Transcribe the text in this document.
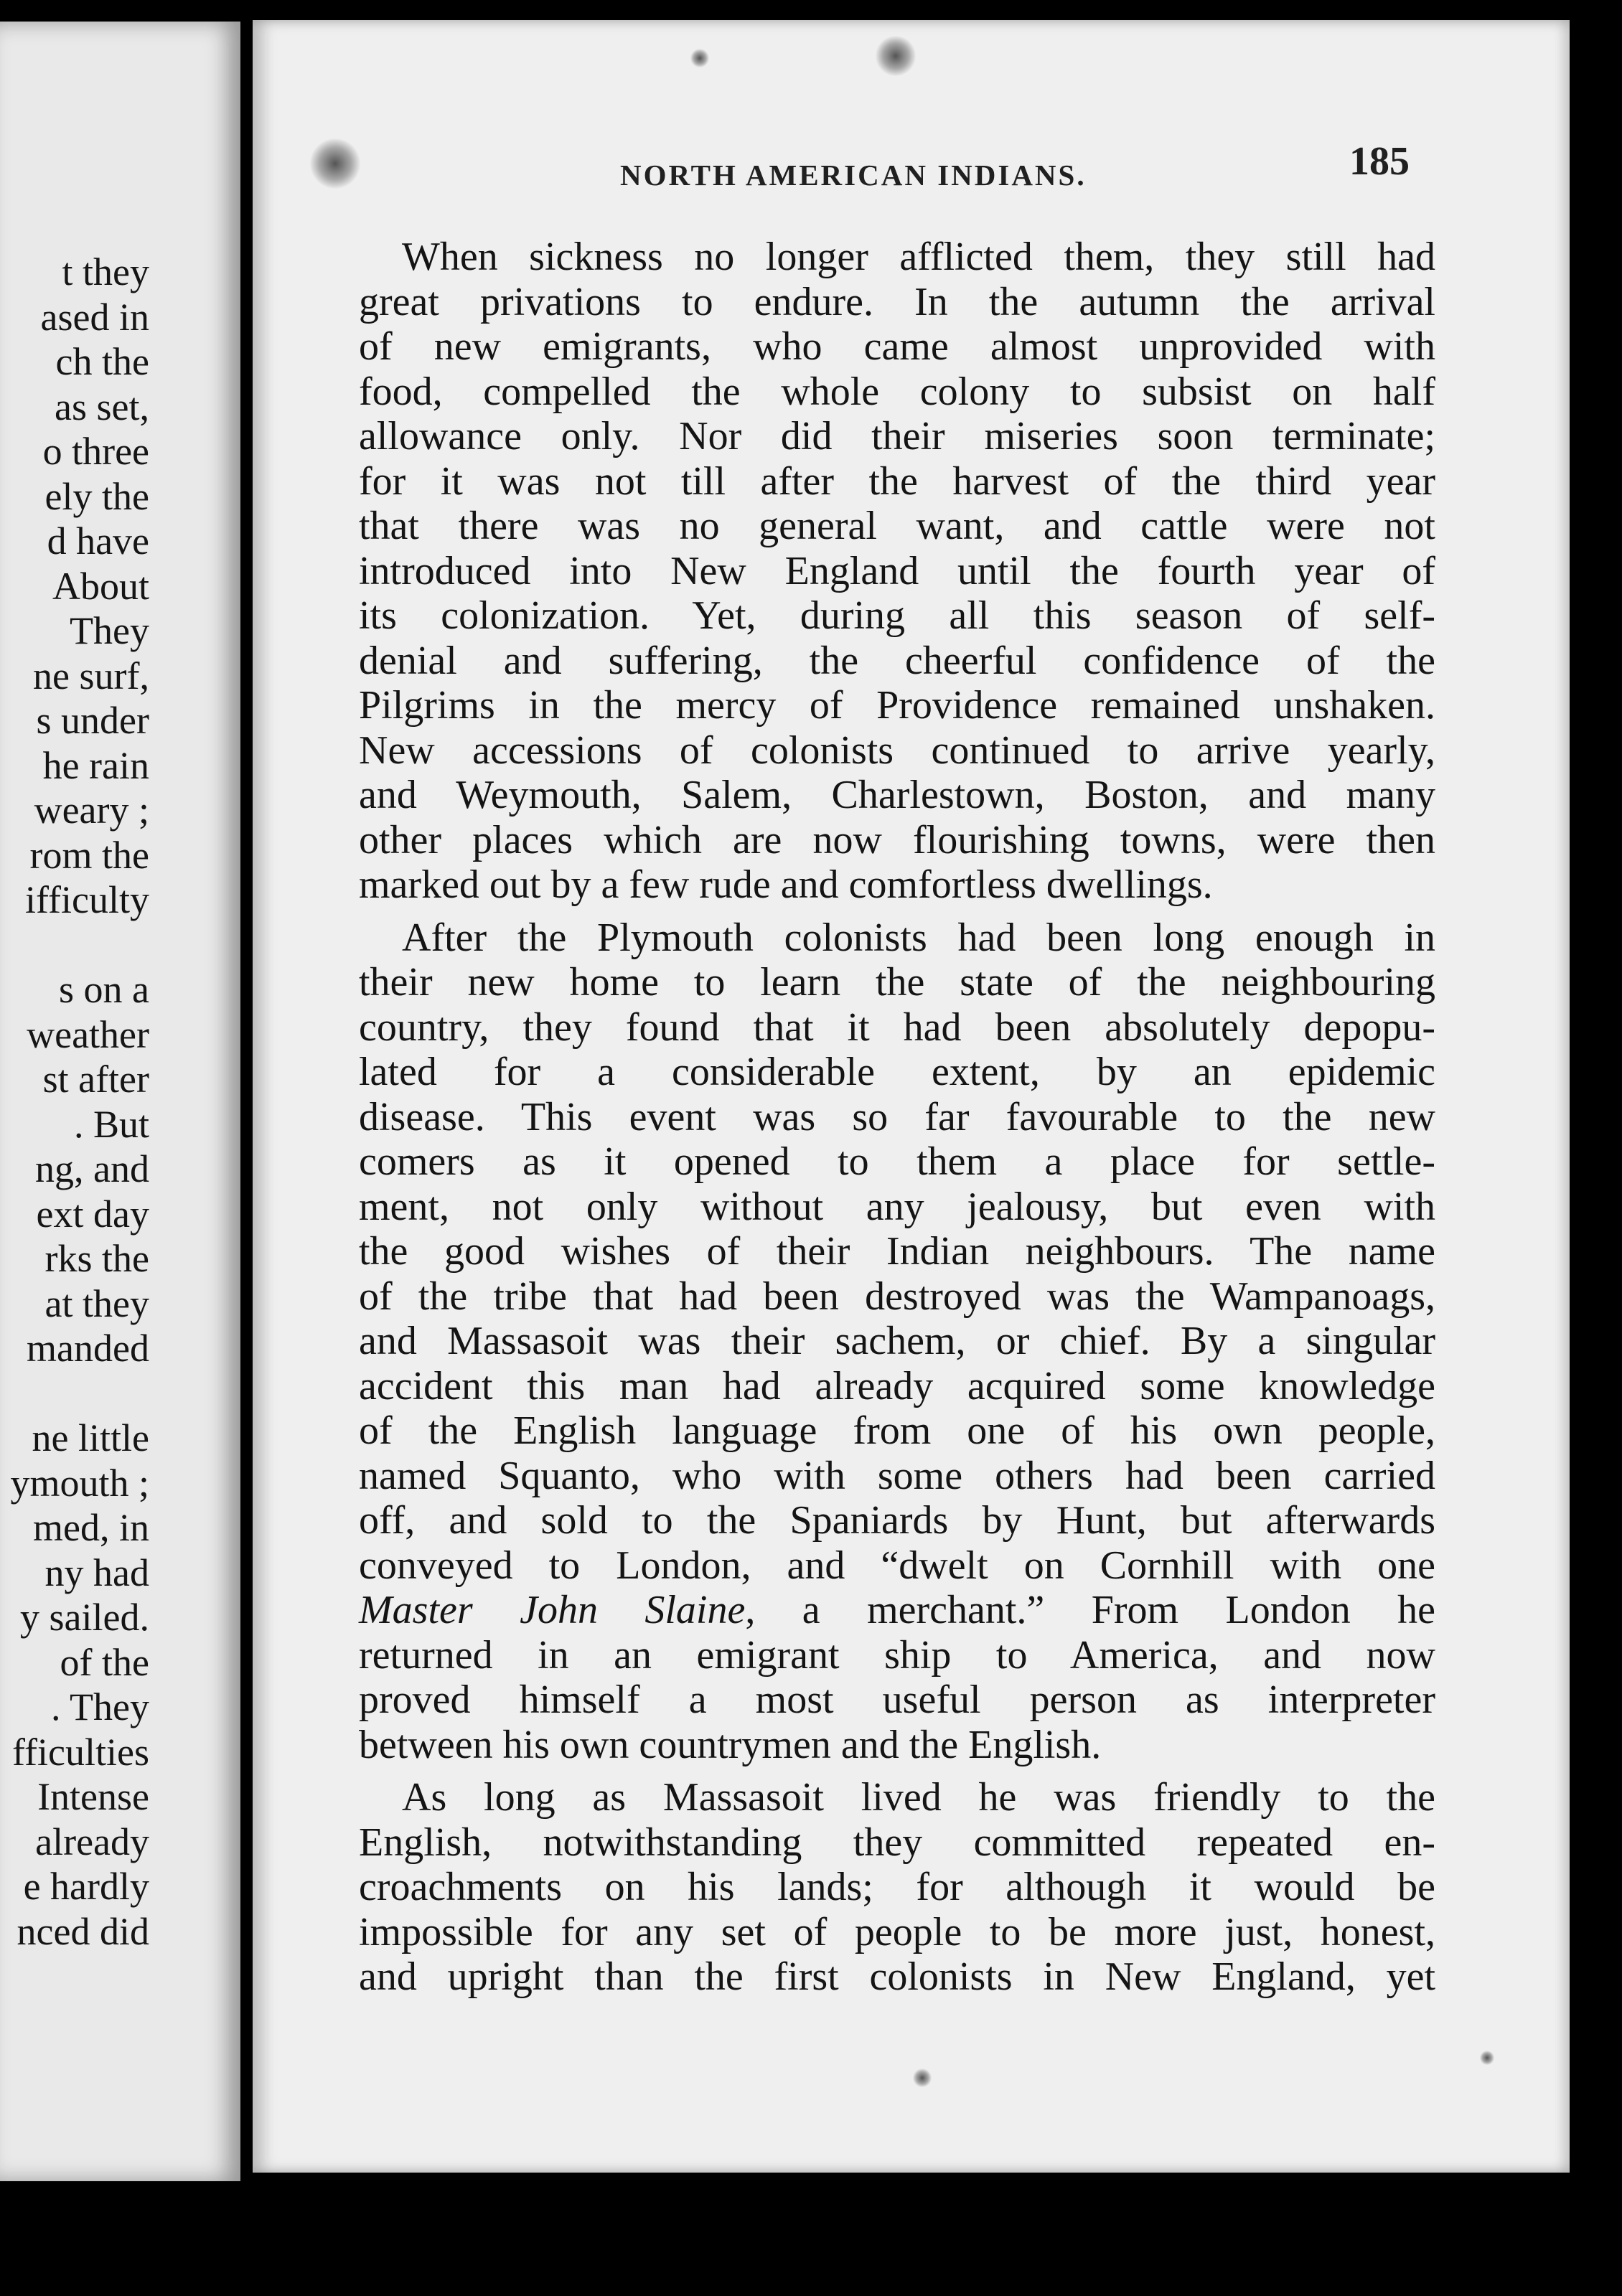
t they
ased in
ch the
as set,
o three
ely the
d have
About
They
ne surf,
s under
he rain
weary ;
rom the
ifficulty
s on a
weather
st after
. But
ng, and
ext day
rks the
at they
manded
ne little
ymouth ;
med, in
ny had
y sailed.
of the
. They
fficulties
Intense
already
e hardly
nced did
NORTH AMERICAN INDIANS.	185
When sickness no longer afflicted them, they still had
great privations to endure. In the autumn the arrival
of new emigrants, who came almost unprovided with
food, compelled the whole colony to subsist on half
allowance only. Nor did their miseries soon terminate;
for it was not till after the harvest of the third year
that there was no general want, and cattle were not
introduced into New England until the fourth year of
its colonization. Yet, during all this season of self-
denial and suffering, the cheerful confidence of the
Pilgrims in the mercy of Providence remained unshaken.
New accessions of colonists continued to arrive yearly,
and Weymouth, Salem, Charlestown, Boston, and many
other places which are now flourishing towns, were then
marked out by a few rude and comfortless dwellings.
After the Plymouth colonists had been long enough in
their new home to learn the state of the neighbouring
country, they found that it had been absolutely depopu-
lated for a considerable extent, by an epidemic
disease. This event was so far favourable to the new
comers as it opened to them a place for settle-
ment, not only without any jealousy, but even with
the good wishes of their Indian neighbours. The name
of the tribe that had been destroyed was the Wampanoags,
and Massasoit was their sachem, or chief. By a singular
accident this man had already acquired some knowledge
of the English language from one of his own people,
named Squanto, who with some others had been carried
off, and sold to the Spaniards by Hunt, but afterwards
conveyed to London, and “dwelt on Cornhill with one
Master John Slaine, a merchant.” From London he
returned in an emigrant ship to America, and now
proved himself a most useful person as interpreter
between his own countrymen and the English.
As long as Massasoit lived he was friendly to the
English, notwithstanding they committed repeated en-
croachments on his lands; for although it would be
impossible for any set of people to be more just, honest,
and upright than the first colonists in New England, yet
